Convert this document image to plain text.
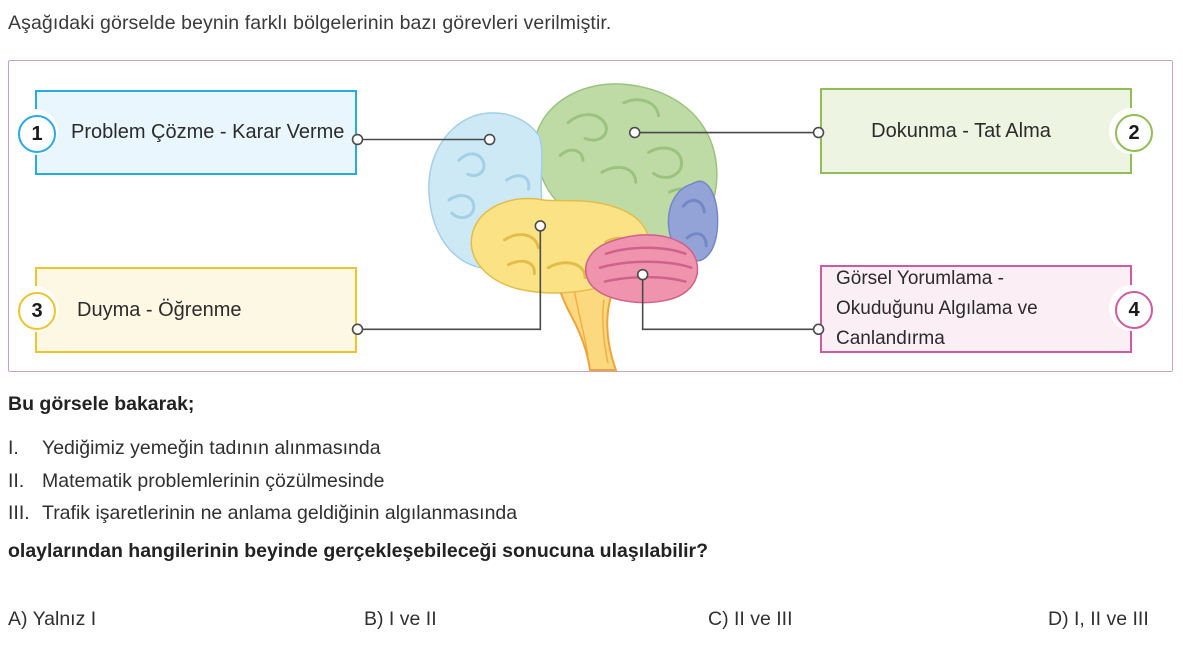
Aşağıdaki görselde beynin farklı bölgelerinin bazı görevleri verilmiştir.
Problem Çözme - Karar Verme	Dokunma - Tat Alma
Duyma - Öğrenme
Görsel Yorumlama - Okuduğunu Algılama ve Canlandırma
1	2
3	4
Bu görsele bakarak;
I.	Yediğimiz yemeğin tadının alınmasında
II. Matematik problemlerinin çözülmesinde
III. Trafik işaretlerinin ne anlama geldiğinin algılanmasında
olaylarından hangilerinin beyinde gerçekleşebileceği sonucuna ulaşılabilir?
A) Yalnız I	B) I ve II	C) II ve III	D) I, II ve III
